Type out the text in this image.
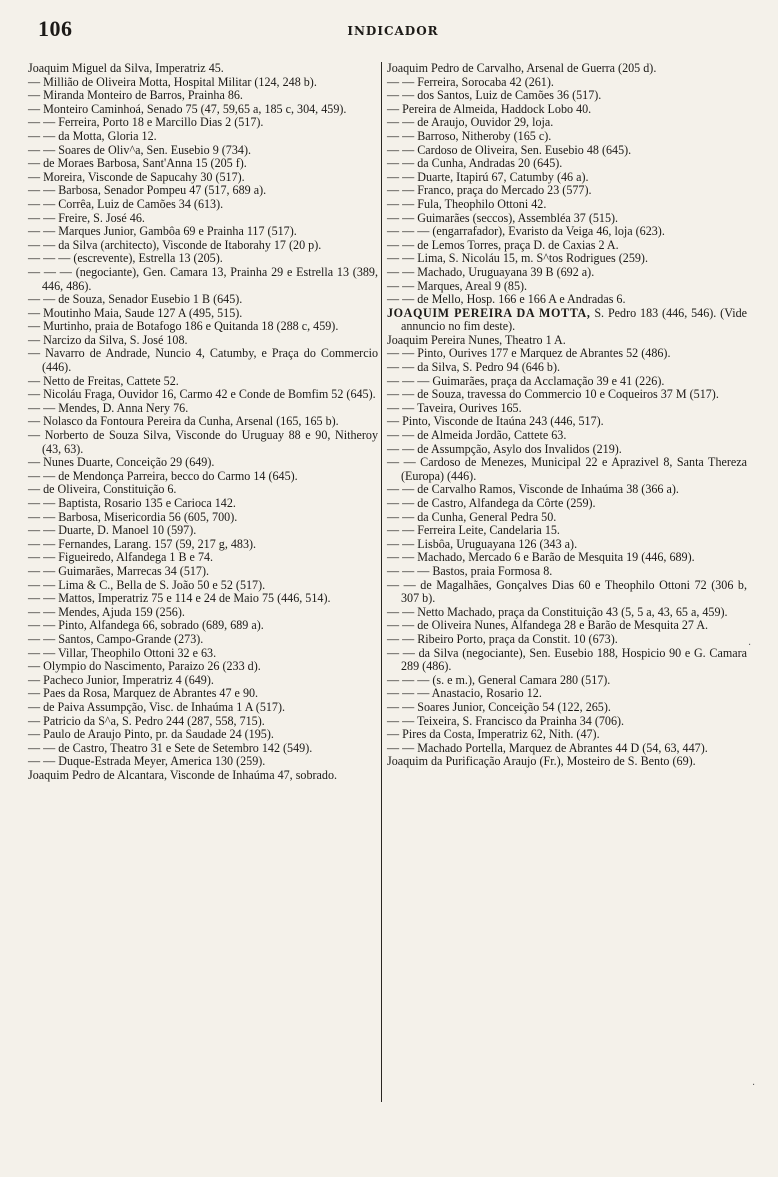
106	INDICADOR

Joaquim Miguel da Silva, Imperatriz 45.

— Millião de Oliveira Motta, Hospital Militar (124, 248 b).

— Miranda Monteiro de Barros, Prainha 86.

— Monteiro Caminhoá, Senado 75 (47, 59,65 a, 185 c, 304, 459).

— — Ferreira, Porto 18 e Marcillo Dias 2 (517).

— — da Motta, Gloria 12.

— — Soares de Oliv^a, Sen. Eusebio 9 (734).

— de Moraes Barbosa, Sant'Anna 15 (205 f).

— Moreira, Visconde de Sapucahy 30 (517).

— — Barbosa, Senador Pompeu 47 (517, 689 a).

— — Corrêa, Luiz de Camões 34 (613).

— — Freire, S. José 46.

— — Marques Junior, Gambôa 69 e Prainha 117 (517).

— — da Silva (architecto), Visconde de Itaborahy 17 (20 p).

— — — (escrevente), Estrella 13 (205).

— — — (negociante), Gen. Camara 13, Prainha 29 e Estrella 13 (389, 446, 486).

— — de Souza, Senador Eusebio 1 B (645).

— Moutinho Maia, Saude 127 A (495, 515).

— Murtinho, praia de Botafogo 186 e Quitanda 18 (288 c, 459).

— Narcizo da Silva, S. José 108.

— Navarro de Andrade, Nuncio 4, Catumby, e Praça do Commercio (446).

— Netto de Freitas, Cattete 52.

— Nicoláu Fraga, Ouvidor 16, Carmo 42 e Conde de Bomfim 52 (645).

— — Mendes, D. Anna Nery 76.

— Nolasco da Fontoura Pereira da Cunha, Arsenal (165, 165 b).

— Norberto de Souza Silva, Visconde do Uruguay 88 e 90, Nitheroy (43, 63).

— Nunes Duarte, Conceição 29 (649).

— — de Mendonça Parreira, becco do Carmo 14 (645).

— de Oliveira, Constituição 6.

— — Baptista, Rosario 135 e Carioca 142.

— — Barbosa, Misericordia 56 (605, 700).

— — Duarte, D. Manoel 10 (597).

— — Fernandes, Larang. 157 (59, 217 g, 483).

— — Figueiredo, Alfandega 1 B e 74.

— — Guimarães, Marrecas 34 (517).

— — Lima & C., Bella de S. João 50 e 52 (517).

— — Mattos, Imperatriz 75 e 114 e 24 de Maio 75 (446, 514).

— — Mendes, Ajuda 159 (256).

— — Pinto, Alfandega 66, sobrado (689, 689 a).

— — Santos, Campo-Grande (273).

— — Villar, Theophilo Ottoni 32 e 63.

— Olympio do Nascimento, Paraizo 26 (233 d).

— Pacheco Junior, Imperatriz 4 (649).

— Paes da Rosa, Marquez de Abrantes 47 e 90.

— de Paiva Assumpção, Visc. de Inhaúma 1 A (517).

— Patricio da S^a, S. Pedro 244 (287, 558, 715).

— Paulo de Araujo Pinto, pr. da Saudade 24 (195).

— — de Castro, Theatro 31 e Sete de Setembro 142 (549).

— — Duque-Estrada Meyer, America 130 (259).

Joaquim Pedro de Alcantara, Visconde de Inhaúma 47, sobrado.

Joaquim Pedro de Carvalho, Arsenal de Guerra (205 d).

— — Ferreira, Sorocaba 42 (261).

— — dos Santos, Luiz de Camões 36 (517).

— Pereira de Almeida, Haddock Lobo 40.

— — de Araujo, Ouvidor 29, loja.

— — Barroso, Nitheroby (165 c).

— — Cardoso de Oliveira, Sen. Eusebio 48 (645).

— — da Cunha, Andradas 20 (645).

— — Duarte, Itapirú 67, Catumby (46 a).

— — Franco, praça do Mercado 23 (577).

— — Fula, Theophilo Ottoni 42.

— — Guimarães (seccos), Assembléa 37 (515).

— — — (engarrafador), Evaristo da Veiga 46, loja (623).

— — de Lemos Torres, praça D. de Caxias 2 A.

— — Lima, S. Nicoláu 15, m. S^tos Rodrigues (259).

— — Machado, Uruguayana 39 B (692 a).

— — Marques, Areal 9 (85).

— — de Mello, Hosp. 166 e 166 A e Andradas 6.

JOAQUIM PEREIRA DA MOTTA, S. Pedro 183 (446, 546). (Vide annuncio no fim deste).

Joaquim Pereira Nunes, Theatro 1 A.

— — Pinto, Ourives 177 e Marquez de Abrantes 52 (486).

— — da Silva, S. Pedro 94 (646 b).

— — — Guimarães, praça da Acclamação 39 e 41 (226).

— — de Souza, travessa do Commercio 10 e Coqueiros 37 M (517).

— — Taveira, Ourives 165.

— Pinto, Visconde de Itaúna 243 (446, 517).

— — de Almeida Jordão, Cattete 63.

— — de Assumpção, Asylo dos Invalidos (219).

— — Cardoso de Menezes, Municipal 22 e Aprazivel 8, Santa Thereza (Europa) (446).

— — de Carvalho Ramos, Visconde de Inhaúma 38 (366 a).

— — de Castro, Alfandega da Côrte (259).

— — da Cunha, General Pedra 50.

— — Ferreira Leite, Candelaria 15.

— — Lisbôa, Uruguayana 126 (343 a).

— — Machado, Mercado 6 e Barão de Mesquita 19 (446, 689).

— — — Bastos, praia Formosa 8.

— — de Magalhães, Gonçalves Dias 60 e Theophilo Ottoni 72 (306 b, 307 b).

— — Netto Machado, praça da Constituição 43 (5, 5 a, 43, 65 a, 459).

— — de Oliveira Nunes, Alfandega 28 e Barão de Mesquita 27 A.

— — Ribeiro Porto, praça da Constit. 10 (673).

— — da Silva (negociante), Sen. Eusebio 188, Hospicio 90 e G. Camara 289 (486).

— — — (s. e m.), General Camara 280 (517).

— — — Anastacio, Rosario 12.

— — Soares Junior, Conceição 54 (122, 265).

— — Teixeira, S. Francisco da Prainha 34 (706).

— Pires da Costa, Imperatriz 62, Nith. (47).

— — Machado Portella, Marquez de Abrantes 44 D (54, 63, 447).

Joaquim da Purificação Araujo (Fr.), Mosteiro de S. Bento (69).

·
·
